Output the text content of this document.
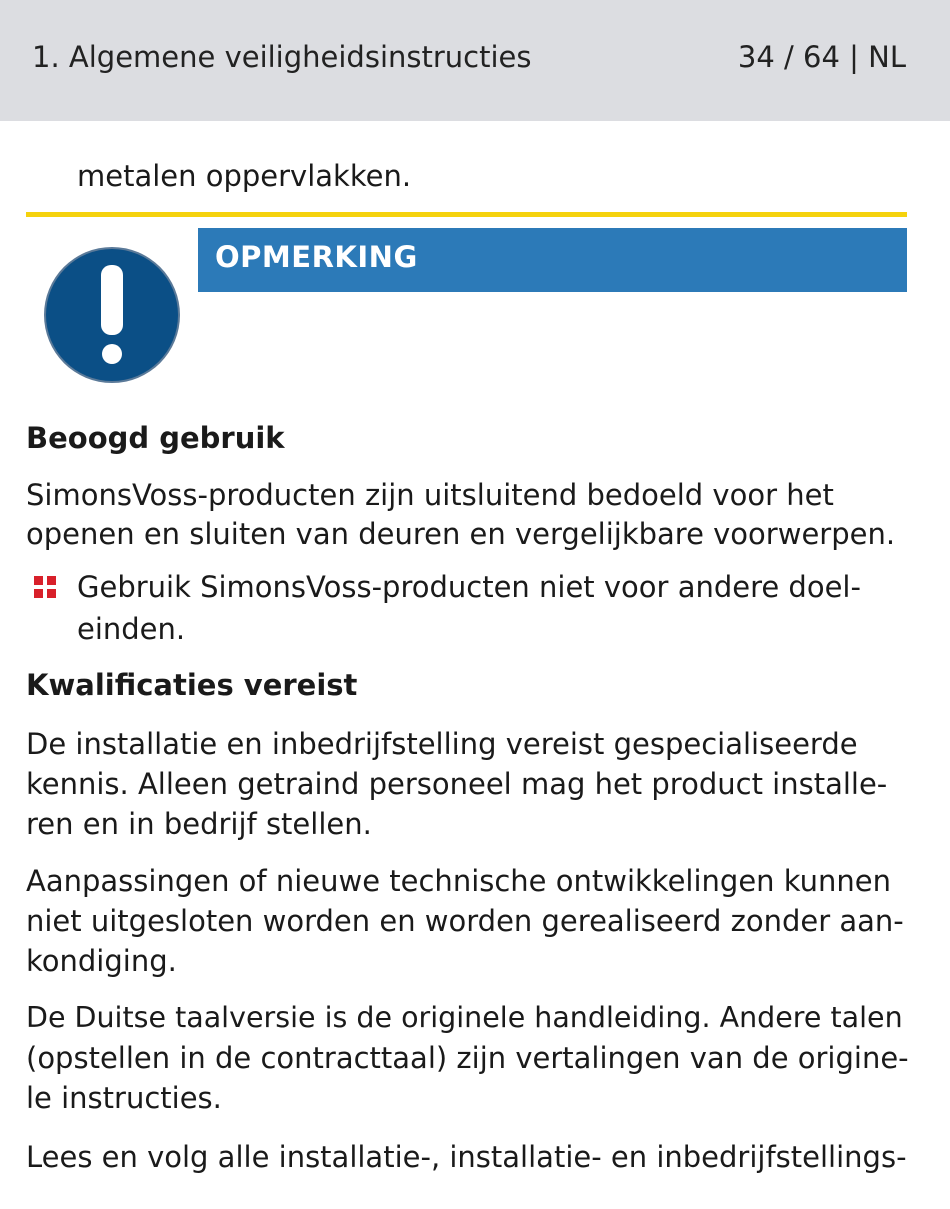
1. Algemene veiligheidsinstructies	34 / 64 | NL
metalen oppervlakken.
OPMERKING
Beoogd gebruik
SimonsVoss-producten zijn uitsluitend bedoeld voor het
openen en sluiten van deuren en vergelijkbare voorwerpen.
Gebruik SimonsVoss-producten niet voor andere doel-
einden.
Kwalificaties vereist
De installatie en inbedrijfstelling vereist gespecialiseerde
kennis. Alleen getraind personeel mag het product installe-
ren en in bedrijf stellen.
Aanpassingen of nieuwe technische ontwikkelingen kunnen
niet uitgesloten worden en worden gerealiseerd zonder aan-
kondiging.
De Duitse taalversie is de originele handleiding. Andere talen
(opstellen in de contracttaal) zijn vertalingen van de origine-
le instructies.
Lees en volg alle installatie-, installatie- en inbedrijfstellings-
